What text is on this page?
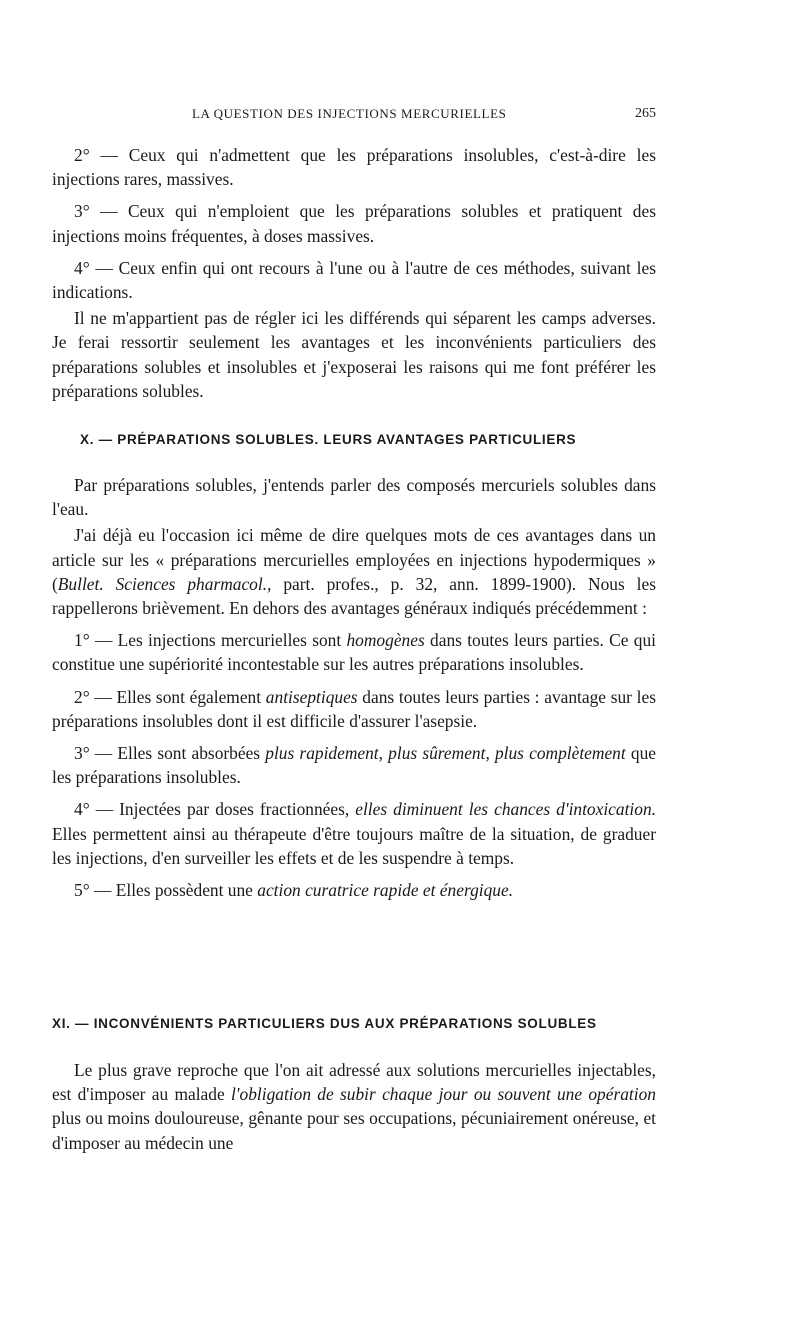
LA QUESTION DES INJECTIONS MERCURIELLES	265

2° — Ceux qui n'admettent que les préparations insolubles, c'est-à-dire les injections rares, massives.

3° — Ceux qui n'emploient que les préparations solubles et pratiquent des injections moins fréquentes, à doses massives.

4° — Ceux enfin qui ont recours à l'une ou à l'autre de ces méthodes, suivant les indications.

Il ne m'appartient pas de régler ici les différends qui séparent les camps adverses. Je ferai ressortir seulement les avantages et les inconvénients particuliers des préparations solubles et insolubles et j'exposerai les raisons qui me font préférer les préparations solubles.

X. — PRÉPARATIONS SOLUBLES. LEURS AVANTAGES PARTICULIERS

Par préparations solubles, j'entends parler des composés mercuriels solubles dans l'eau.

J'ai déjà eu l'occasion ici même de dire quelques mots de ces avantages dans un article sur les « préparations mercurielles employées en injections hypodermiques » (Bullet. Sciences pharmacol., part. profes., p. 32, ann. 1899-1900). Nous les rappellerons brièvement. En dehors des avantages généraux indiqués précédemment :

1° — Les injections mercurielles sont homogènes dans toutes leurs parties. Ce qui constitue une supériorité incontestable sur les autres préparations insolubles.

2° — Elles sont également antiseptiques dans toutes leurs parties : avantage sur les préparations insolubles dont il est difficile d'assurer l'asepsie.

3° — Elles sont absorbées plus rapidement, plus sûrement, plus complètement que les préparations insolubles.

4° — Injectées par doses fractionnées, elles diminuent les chances d'intoxication. Elles permettent ainsi au thérapeute d'être toujours maître de la situation, de graduer les injections, d'en surveiller les effets et de les suspendre à temps.

5° — Elles possèdent une action curatrice rapide et énergique.

XI. — INCONVÉNIENTS PARTICULIERS DUS AUX PRÉPARATIONS SOLUBLES

Le plus grave reproche que l'on ait adressé aux solutions mercurielles injectables, est d'imposer au malade l'obligation de subir chaque jour ou souvent une opération plus ou moins douloureuse, gênante pour ses occupations, pécuniairement onéreuse, et d'imposer au médecin une
